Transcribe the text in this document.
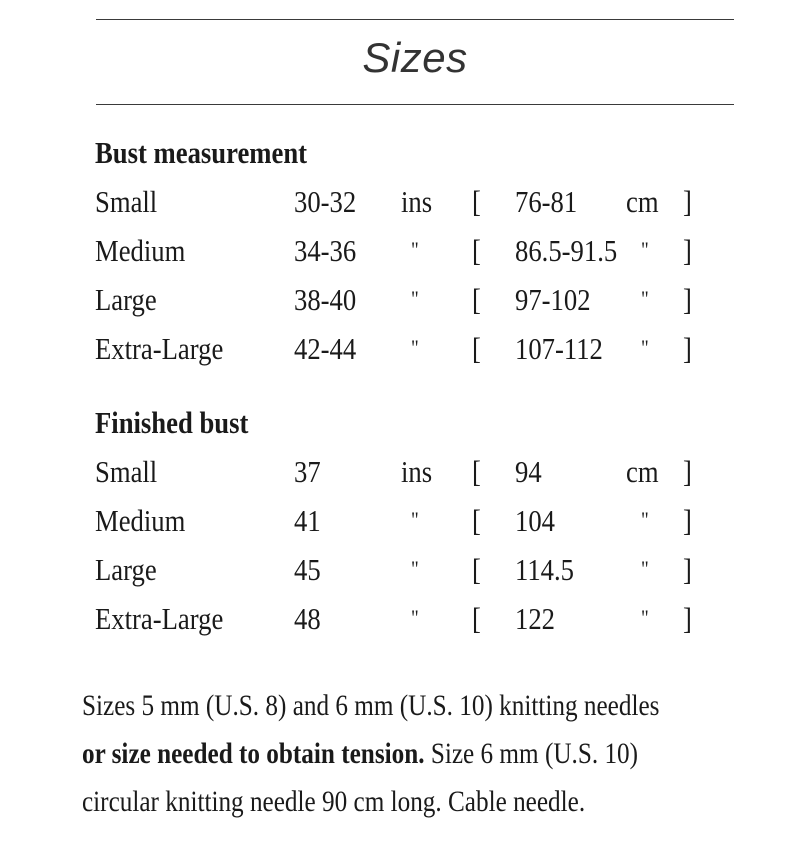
Sizes
Bust measurement
Small	30-32 ins [ 76-81 cm ]
Medium	34-36 " [ 86.5-91.5 " ]
Large	38-40 " [ 97-102 " ]
Extra-Large 42-44 " [ 107-112 " ]
Finished bust
Small	37	ins [ 94	cm ]
Medium	41	" [ 104	" ]
Large	45	" [ 114.5	" ]
Extra-Large 48	" [ 122	" ]
Sizes 5 mm (U.S. 8) and 6 mm (U.S. 10) knitting needles
or size needed to obtain tension. Size 6 mm (U.S. 10)
circular knitting needle 90 cm long. Cable needle.
